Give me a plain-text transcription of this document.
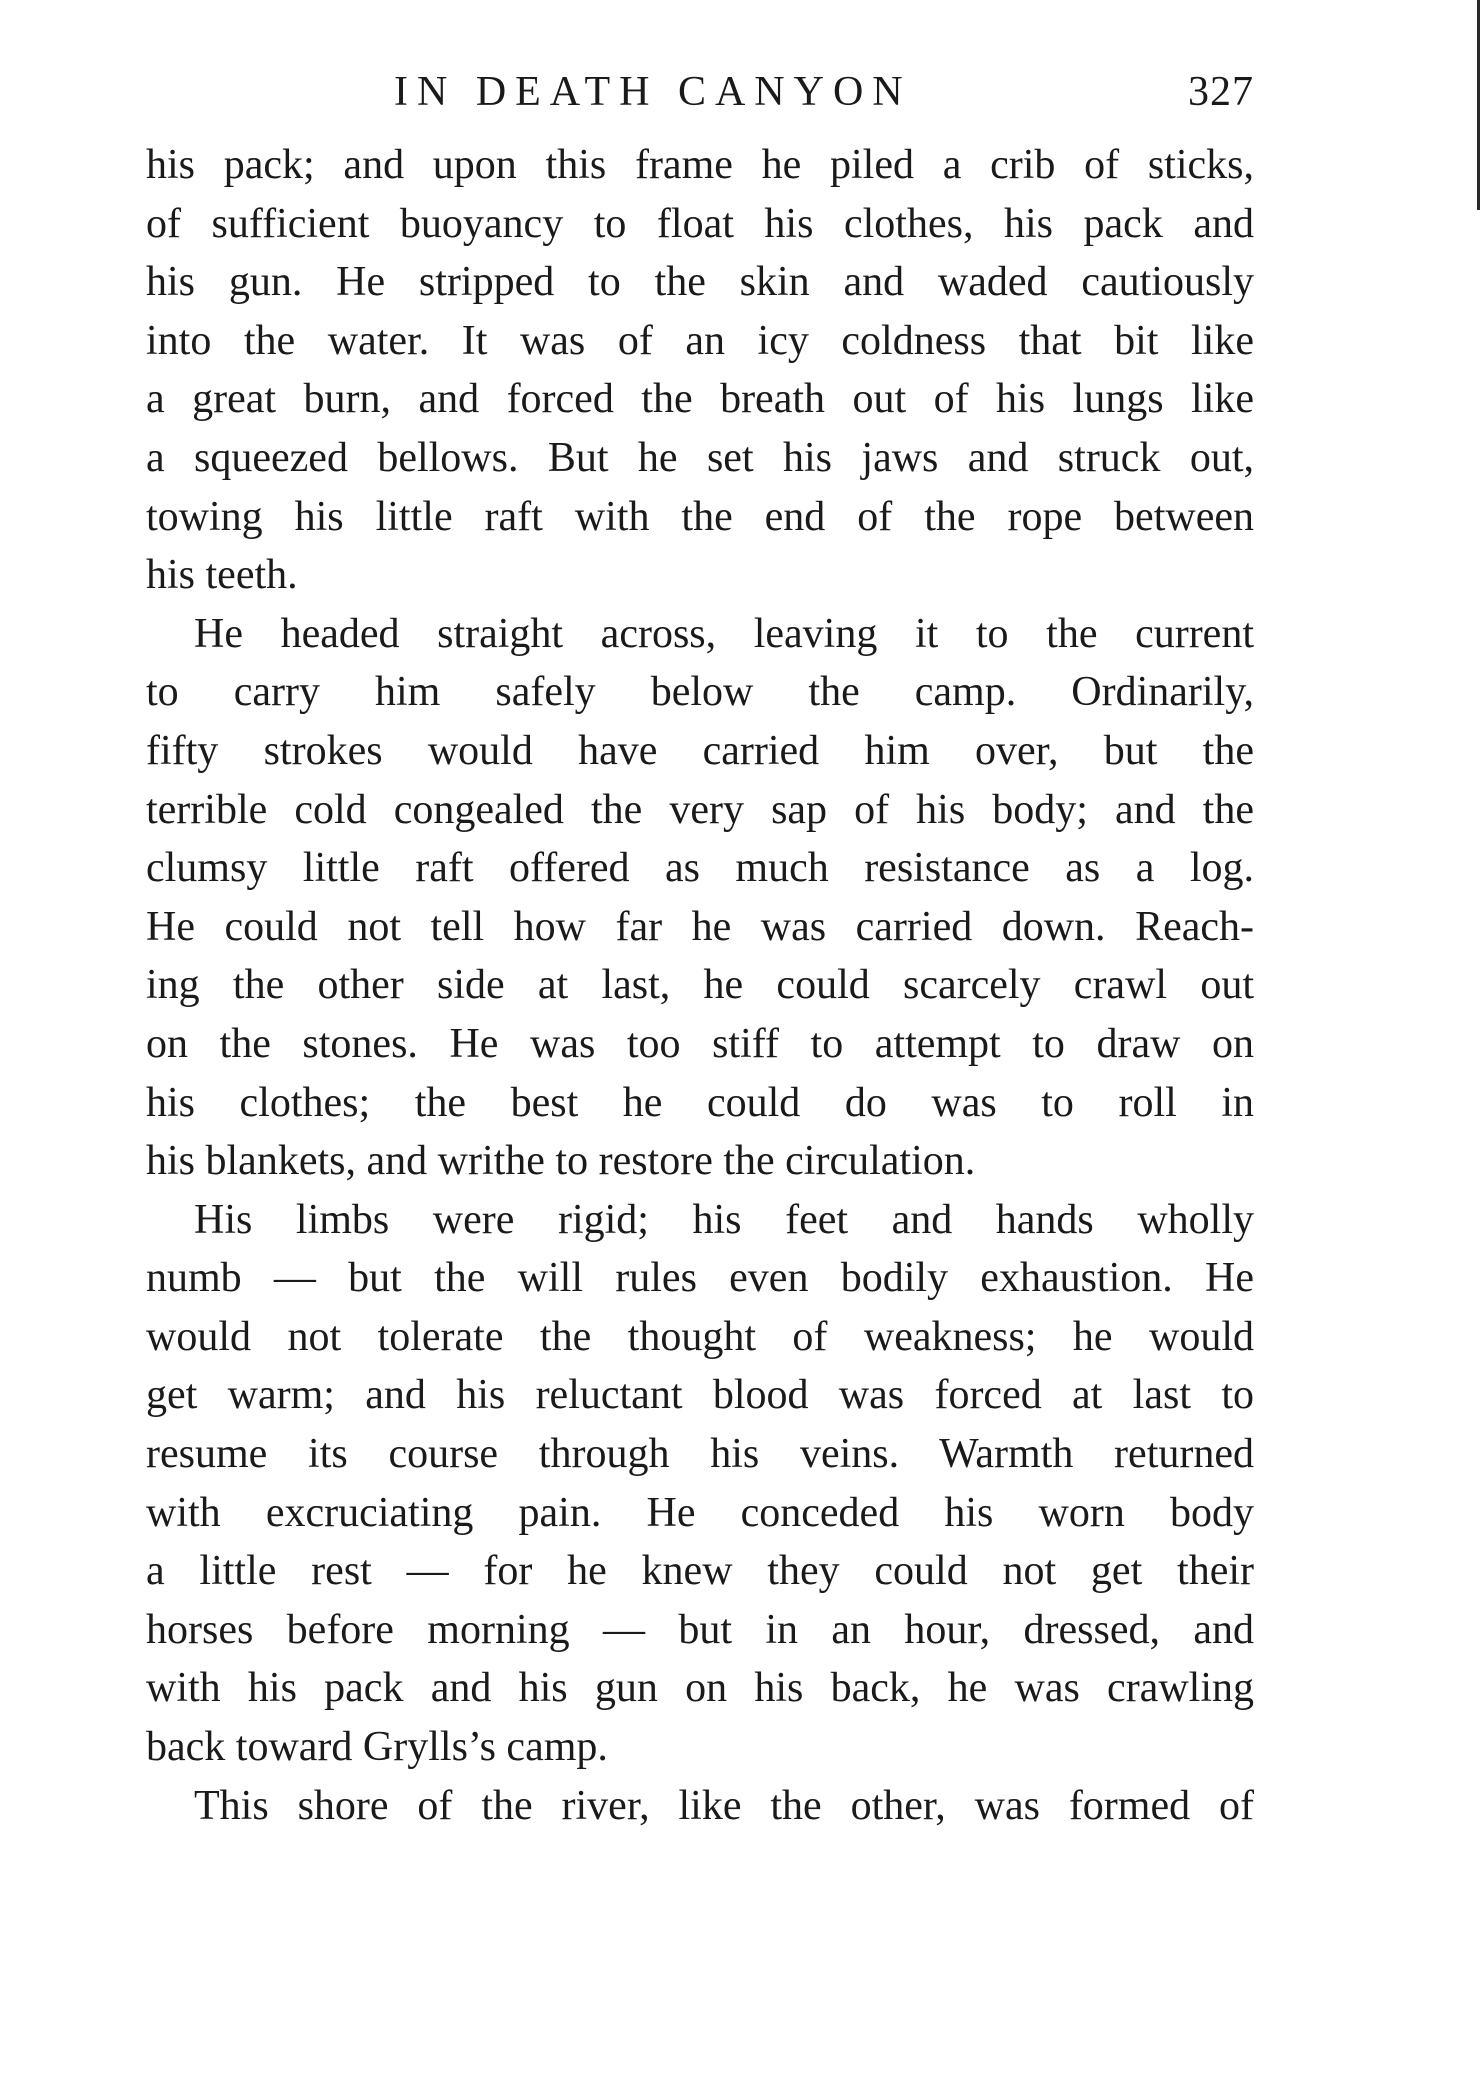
IN DEATH CANYON	327

his pack; and upon this frame he piled a crib of sticks,
of sufficient buoyancy to float his clothes, his pack and
his gun. He stripped to the skin and waded cautiously
into the water. It was of an icy coldness that bit like
a great burn, and forced the breath out of his lungs like
a squeezed bellows. But he set his jaws and struck out,
towing his little raft with the end of the rope between
his teeth.

He headed straight across, leaving it to the current
to carry him safely below the camp. Ordinarily,
fifty strokes would have carried him over, but the
terrible cold congealed the very sap of his body; and the
clumsy little raft offered as much resistance as a log.
He could not tell how far he was carried down. Reach-
ing the other side at last, he could scarcely crawl out
on the stones. He was too stiff to attempt to draw on
his clothes; the best he could do was to roll in
his blankets, and writhe to restore the circulation.

His limbs were rigid; his feet and hands wholly
numb — but the will rules even bodily exhaustion. He
would not tolerate the thought of weakness; he would
get warm; and his reluctant blood was forced at last to
resume its course through his veins. Warmth returned
with excruciating pain. He conceded his worn body
a little rest — for he knew they could not get their
horses before morning — but in an hour, dressed, and
with his pack and his gun on his back, he was crawling
back toward Grylls’s camp.

This shore of the river, like the other, was formed of
